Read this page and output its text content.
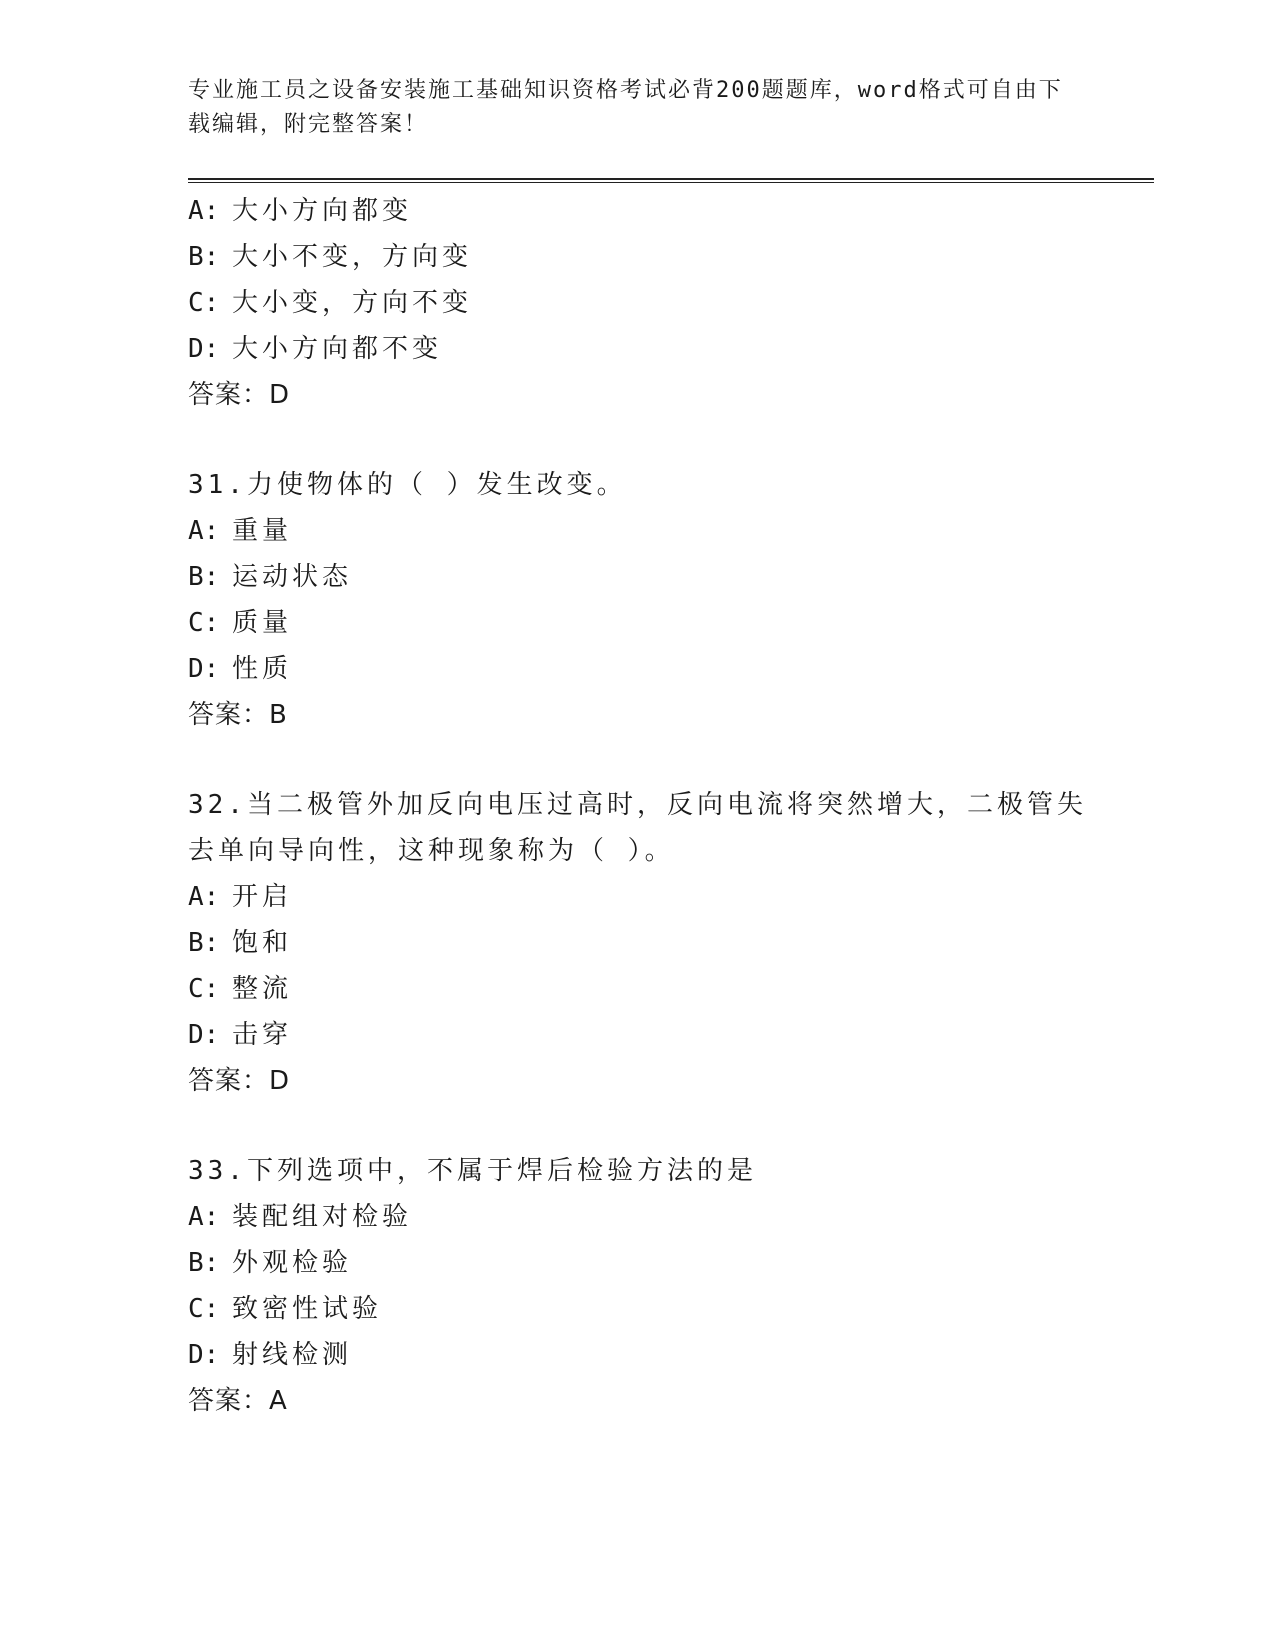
专业施工员之设备安装施工基础知识资格考试必背200题题库，word格式可自由下载编辑，附完整答案！
A: 大小方向都变
B: 大小不变，方向变
C: 大小变，方向不变
D: 大小方向都不变
答案：D
31.力使物体的（ ）发生改变。
A: 重量
B: 运动状态
C: 质量
D: 性质
答案：B
32.当二极管外加反向电压过高时，反向电流将突然增大，二极管失去单向导向性，这种现象称为（ ）。
A: 开启
B: 饱和
C: 整流
D: 击穿
答案：D
33.下列选项中，不属于焊后检验方法的是
A: 装配组对检验
B: 外观检验
C: 致密性试验
D: 射线检测
答案：A
